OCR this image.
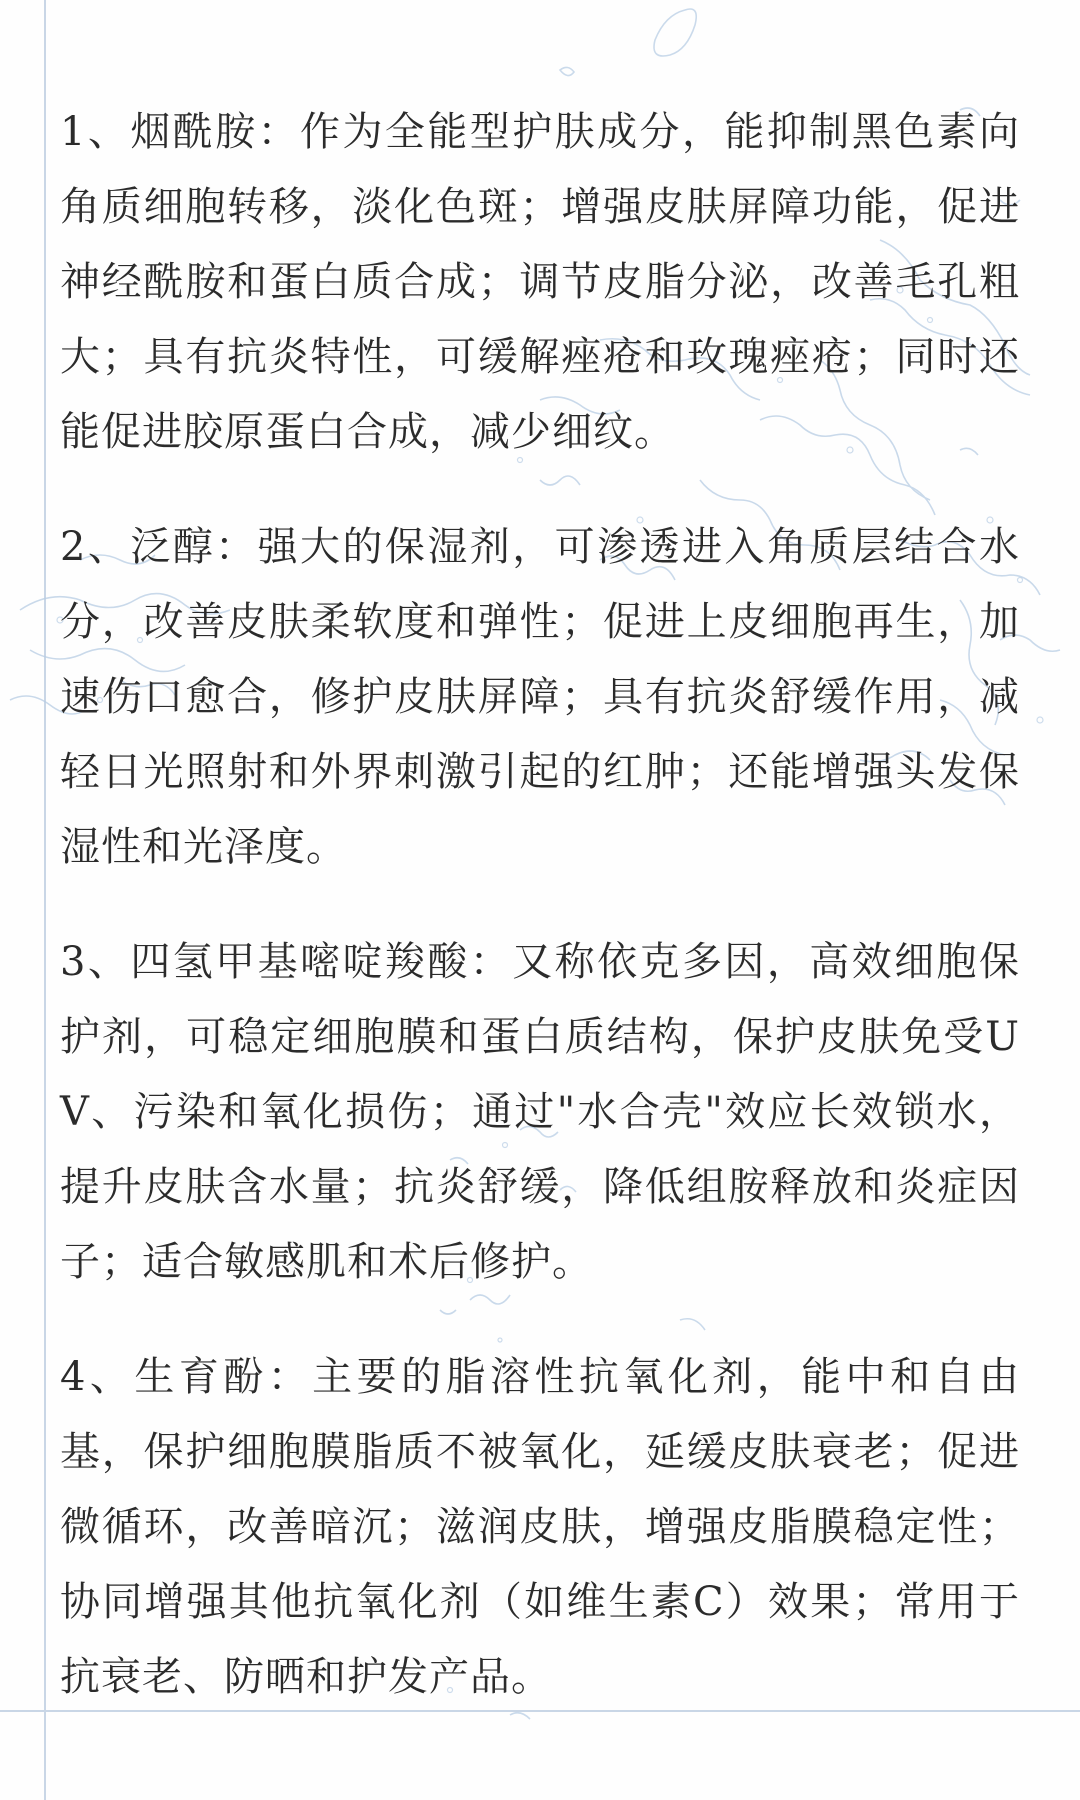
1、烟酰胺：作为全能型护肤成分，能抑制黑色素向角质细胞转移，淡化色斑；增强皮肤屏障功能，促进神经酰胺和蛋白质合成；调节皮脂分泌，改善毛孔粗大；具有抗炎特性，可缓解痤疮和玫瑰痤疮；同时还能促进胶原蛋白合成，减少细纹。

2、泛醇：强大的保湿剂，可渗透进入角质层结合水分，改善皮肤柔软度和弹性；促进上皮细胞再生，加速伤口愈合，修护皮肤屏障；具有抗炎舒缓作用，减轻日光照射和外界刺激引起的红肿；还能增强头发保湿性和光泽度。

3、四氢甲基嘧啶羧酸：又称依克多因，高效细胞保护剂，可稳定细胞膜和蛋白质结构，保护皮肤免受UV、污染和氧化损伤；通过"水合壳"效应长效锁水，提升皮肤含水量；抗炎舒缓，降低组胺释放和炎症因子；适合敏感肌和术后修护。

4、生育酚：主要的脂溶性抗氧化剂，能中和自由基，保护细胞膜脂质不被氧化，延缓皮肤衰老；促进微循环，改善暗沉；滋润皮肤，增强皮脂膜稳定性；协同增强其他抗氧化剂（如维生素C）效果；常用于抗衰老、防晒和护发产品。
